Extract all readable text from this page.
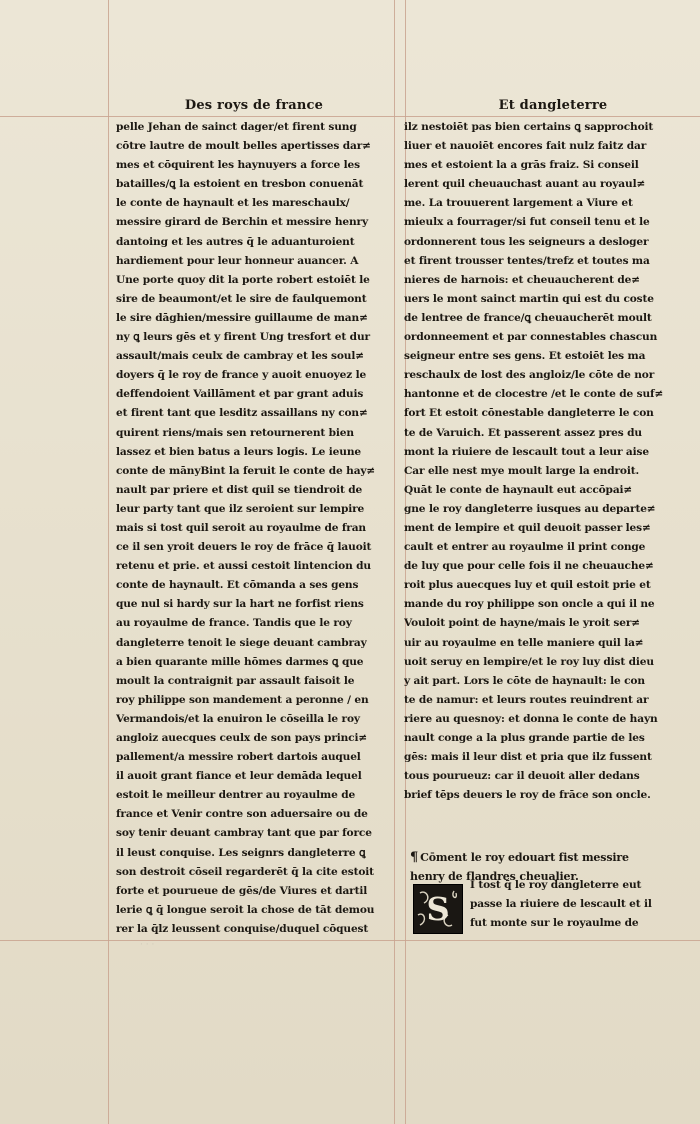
Des roys de france	Et dangleterre
pelle Jehan de sainct dager/et firent sung
cōtre lautre de moult belles apertisses dar≠
mes et cōquirent les haynuyers a force les
batailles/ꝗ la estoient en tresbon conuenāt
le conte de haynault et les mareschaulx/
messire girard de Berchin et messire henry
dantoing et les autres q̄ le aduanturoient
hardiement pour leur honneur auancer. A
Une porte quoy dit la porte robert estoiēt le
sire de beaumont/et le sire de faulquemont
le sire dāghien/messire guillaume de man≠
ny ꝗ leurs gēs et y firent Ung tresfort et dur
assault/mais ceulx de cambray et les soul≠
doyers q̄ le roy de france y auoit enuoyez le
deffendoient Vaillāment et par grant aduis
et firent tant que lesditz assaillans ny con≠
quirent riens/mais sen retournerent bien
lassez et bien batus a leurs logis. Le ieune
conte de mānyBint la feruit le conte de hay≠
nault par priere et dist quil se tiendroit de
leur party tant que ilz seroient sur lempire
mais si tost quil seroit au royaulme de fran
ce il sen yroit deuers le roy de frāce q̄ lauoit
retenu et prie. et aussi cestoit lintencion du
conte de haynault. Et cōmanda a ses gens
que nul si hardy sur la hart ne forfist riens
au royaulme de france. Tandis que le roy
dangleterre tenoit le siege deuant cambray
a bien quarante mille hōmes darmes ꝗ que
moult la contraignit par assault faisoit le
roy philippe son mandement a peronne / en
Vermandois/et la enuiron le cōseilla le roy
angloiz auecques ceulx de son pays princi≠
pallement/a messire robert dartois auquel
il auoit grant fiance et leur demāda lequel
estoit le meilleur dentrer au royaulme de
france et Venir contre son aduersaire ou de
soy tenir deuant cambray tant que par force
il leust conquise. Les seignrs dangleterre ꝗ
son destroit cōseil regarderēt q̄ la cite estoit
forte et pourueue de gēs/de Viures et dartil
lerie ꝗ q̄ longue seroit la chose de tāt demou
rer la q̄lz leussent conquise/duquel cōquest
ilz nestoiēt pas bien certains ꝗ sapprochoit
liuer et nauoiēt encores fait nulz faitz dar
mes et estoient la a grās fraiz. Si conseil
lerent quil cheuauchast auant au royaul≠
me. La trouuerent largement a Viure et
mieulx a fourrager/si fut conseil tenu et le
ordonnerent tous les seigneurs a desloger
et firent trousser tentes/trefz et toutes ma
nieres de harnois: et cheuaucherent de≠
uers le mont sainct martin qui est du coste
de lentree de france/ꝗ cheuaucherēt moult
ordonneement et par connestables chascun
seigneur entre ses gens. Et estoiēt les ma
reschaulx de lost des angloiz/le cōte de nor
hantonne et de clocestre /et le conte de suf≠
fort Et estoit cōnestable dangleterre le con
te de Varuich. Et passerent assez pres du
mont la riuiere de lescault tout a leur aise
Car elle nest mye moult large la endroit.
Quāt le conte de haynault eut accōpai≠
gne le roy dangleterre iusques au departe≠
ment de lempire et quil deuoit passer les≠
cault et entrer au royaulme il print conge
de luy que pour celle fois il ne cheuauche≠
roit plus auecques luy et quil estoit prie et
mande du roy philippe son oncle a qui il ne
Vouloit point de hayne/mais le yroit ser≠
uir au royaulme en telle maniere quil la≠
uoit seruy en lempire/et le roy luy dist dieu
y ait part. Lors le cōte de haynault: le con
te de namur: et leurs routes reuindrent ar
riere au quesnoy: et donna le conte de hayn
nault conge a la plus grande partie de les
gēs: mais il leur dist et pria que ilz fussent
tous pourueuz: car il deuoit aller dedans
brief tēps deuers le roy de frāce son oncle.
¶ Cōment le roy edouart fist messire
henry de flandres cheualier.
S
I tost q̄ le roy dangleterre eut
passe la riuiere de lescault et il
fut monte sur le royaulme de
· · ·
